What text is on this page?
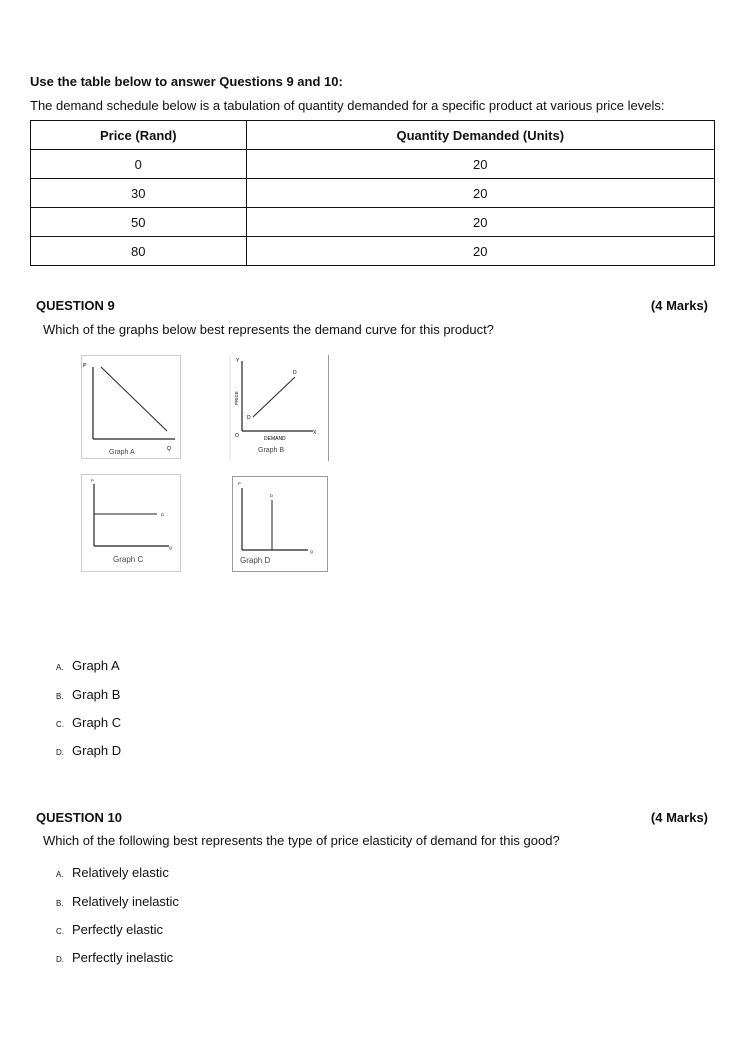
Use the table below to answer Questions 9 and 10:
The demand schedule below is a tabulation of quantity demanded for a specific product at various price levels:
Price (Rand)	Quantity Demanded (Units)
0	20
30	20
50	20
80	20
QUESTION 9	(4 Marks)
Which of the graphs below best represents the demand curve for this product?
P
Q
Graph A
Y
X
O
D
D
PRICE
DEMAND
Graph B
P
D
Q
Graph C
P
D
Q
Graph D
A. Graph A
B. Graph B
C. Graph C
D. Graph D
QUESTION 10	(4 Marks)
Which of the following best represents the type of price elasticity of demand for this good?
A. Relatively elastic
B. Relatively inelastic
C. Perfectly elastic
D. Perfectly inelastic
